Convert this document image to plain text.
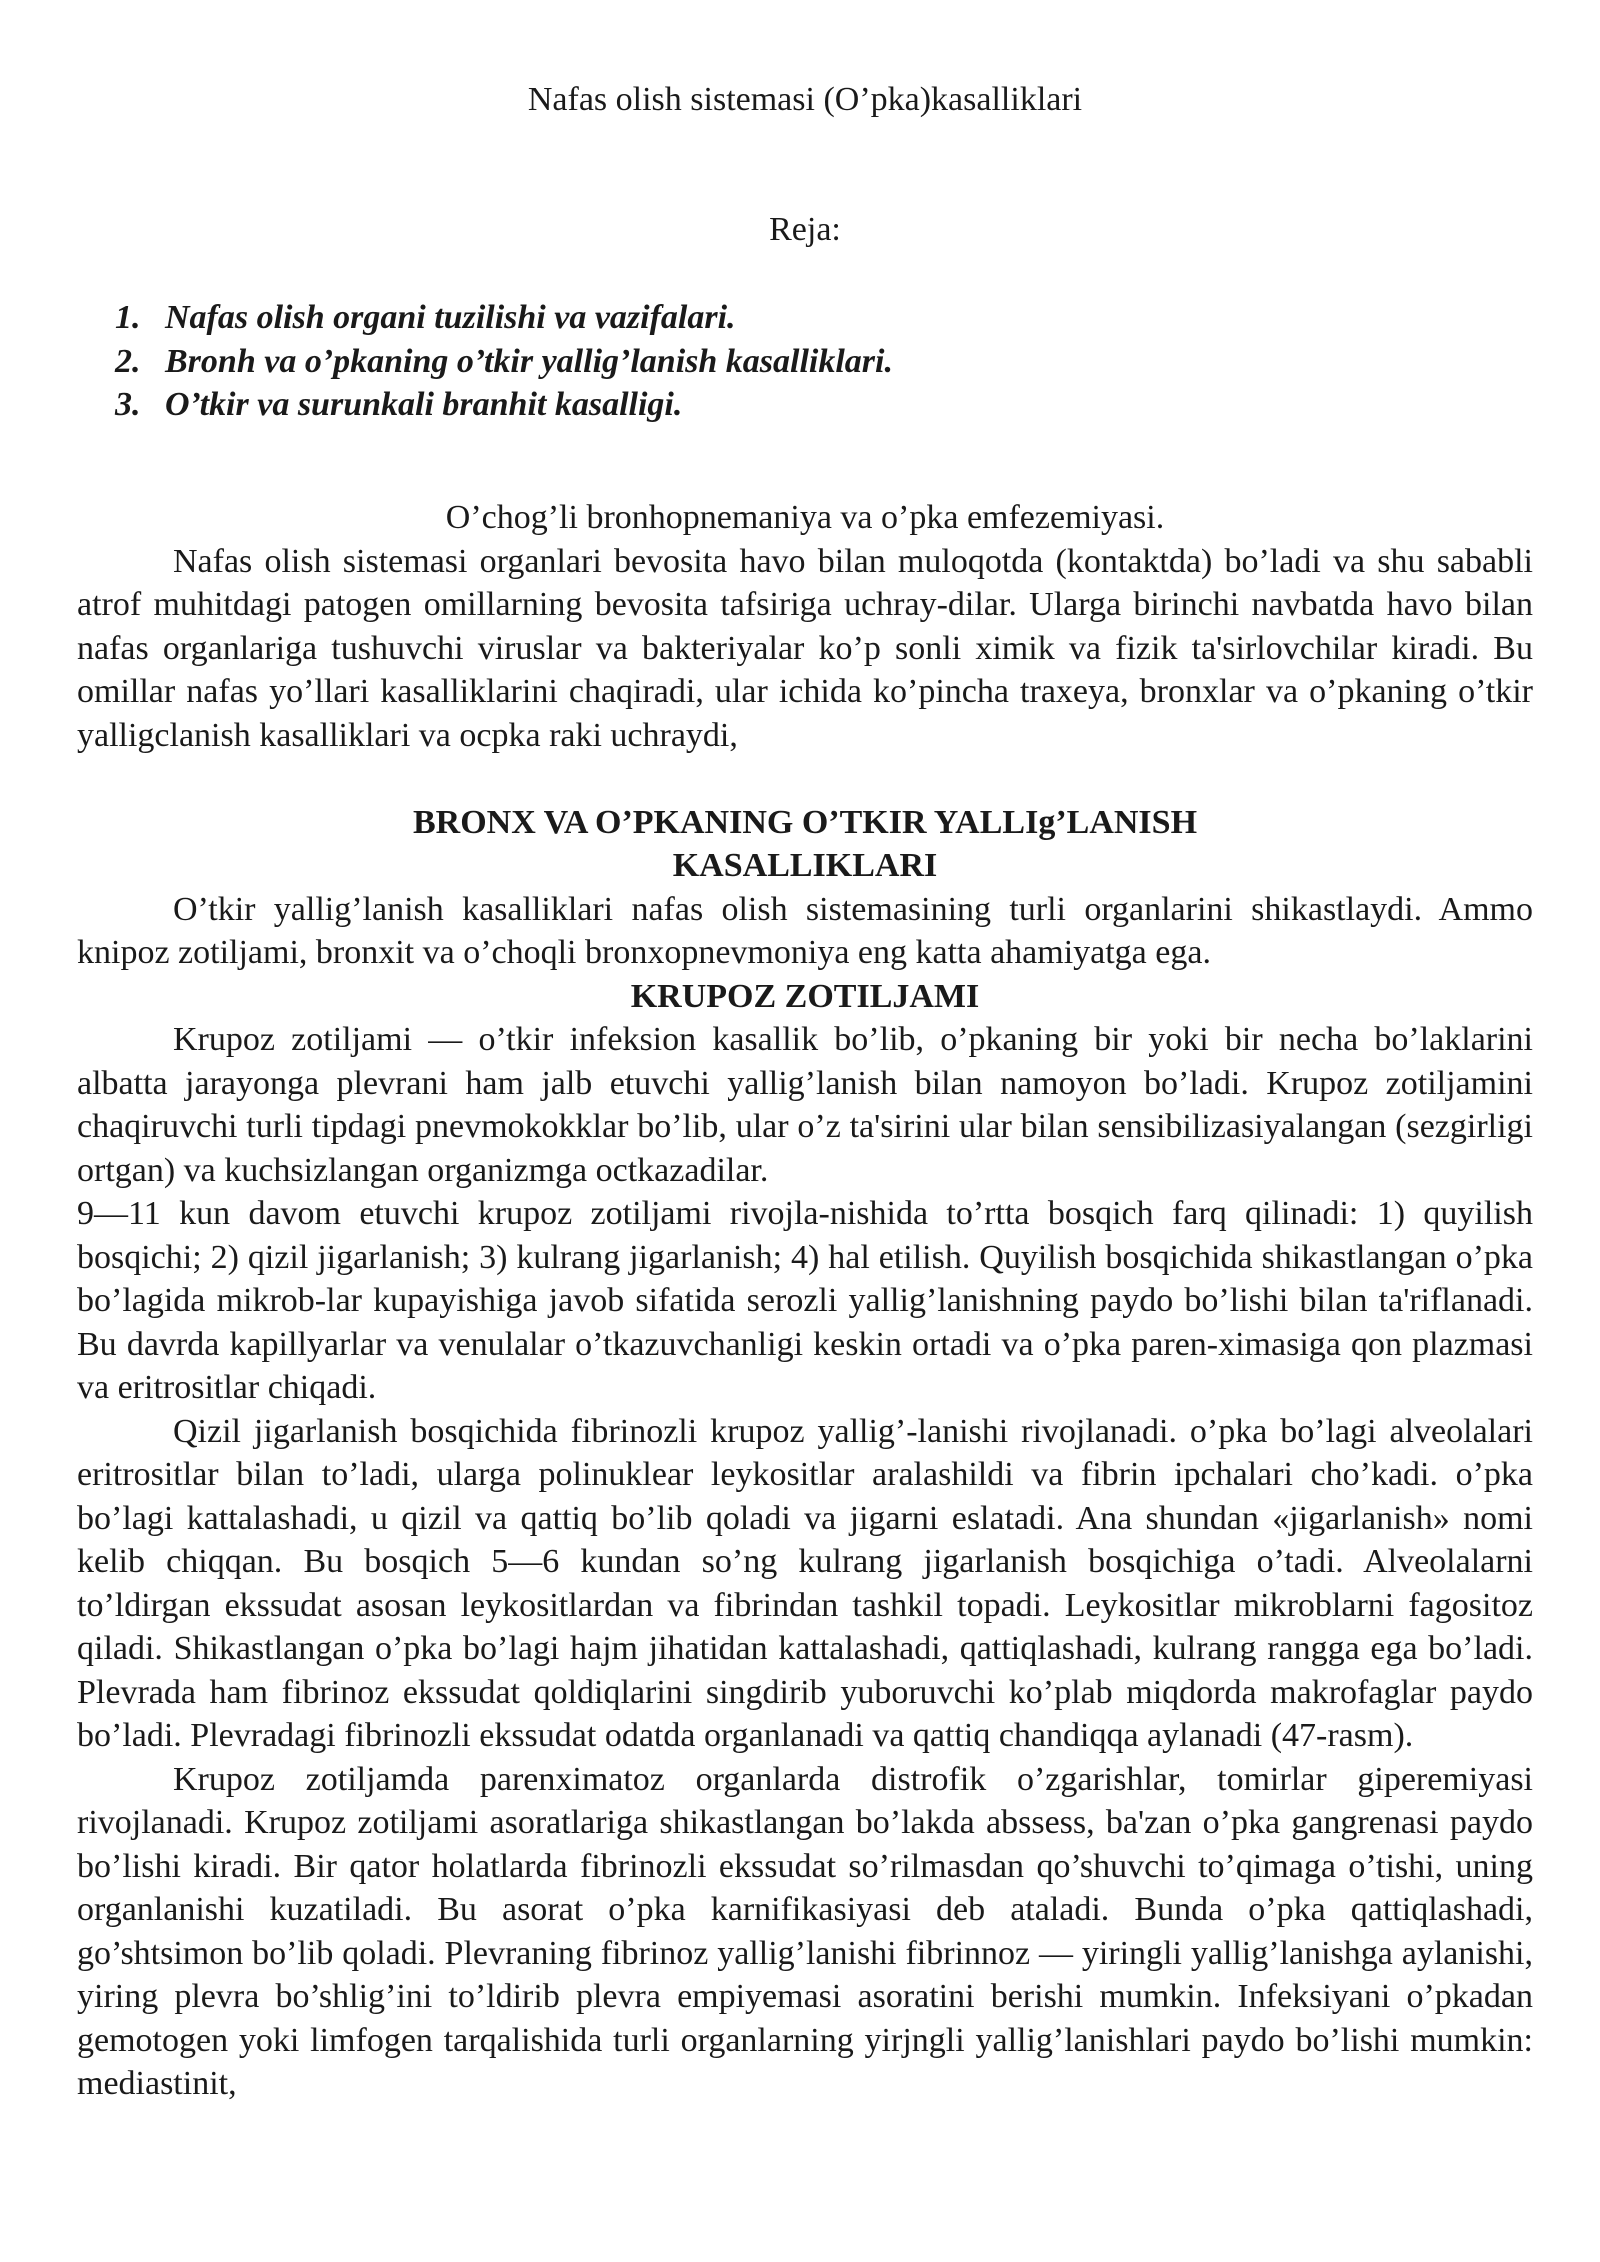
Nafas olish sistemasi (O’pka)kasalliklari
Reja:
1. Nafas olish organi tuzilishi va vazifalari.
2. Bronh va o’pkaning o’tkir yallig’lanish kasalliklari.
3. O’tkir va surunkali branhit kasalligi.
O’chog’li bronhopnemaniya va o’pka emfezemiyasi.

Nafas olish sistemasi organlari bevosita havo bilan muloqotda (kontaktda) bo’ladi va shu sababli atrof muhitdagi patogen omillarning bevosita tafsiriga uchray-dilar. Ularga birinchi navbatda havo bilan nafas organlariga tushuvchi viruslar va bakteriyalar ko’p sonli ximik va fizik ta'sirlovchilar kiradi. Bu omillar nafas yo’llari kasalliklarini chaqiradi, ular ichida ko’pincha traxeya, bronxlar va o’pkaning o’tkir yalligclanish kasalliklari va ocpka raki uchraydi,

BRONX VA O’PKANING O’TKIR YALLIg’LANISH
KASALLIKLARI

O’tkir yallig’lanish kasalliklari nafas olish sistemasining turli organlarini shikastlaydi. Ammo knipoz zotiljami, bronxit va o’choqli bronxopnevmoniya eng katta ahamiyatga ega.

KRUPOZ ZOTILJAMI

Krupoz zotiljami — o’tkir infeksion kasallik bo’lib, o’pkaning bir yoki bir necha bo’laklarini albatta jarayonga plevrani ham jalb etuvchi yallig’lanish bilan namoyon bo’ladi. Krupoz zotiljamini chaqiruvchi turli tipdagi pnevmokokklar bo’lib, ular o’z ta'sirini ular bilan sensibilizasiyalangan (sezgirligi ortgan) va kuchsizlangan organizmga octkazadilar.

9—11 kun davom etuvchi krupoz zotiljami rivojla-nishida to’rtta bosqich farq qilinadi: 1) quyilish bosqichi; 2) qizil jigarlanish; 3) kulrang jigarlanish; 4) hal etilish. Quyilish bosqichida shikastlangan o’pka bo’lagida mikrob-lar kupayishiga javob sifatida serozli yallig’lanishning paydo bo’lishi bilan ta'riflanadi. Bu davrda kapillyarlar va venulalar o’tkazuvchanligi keskin ortadi va o’pka paren-ximasiga qon plazmasi va eritrositlar chiqadi.

Qizil jigarlanish bosqichida fibrinozli krupoz yallig’-lanishi rivojlanadi. o’pka bo’lagi alveolalari eritrositlar bilan to’ladi, ularga polinuklear leykositlar aralashildi va fibrin ipchalari cho’kadi. o’pka bo’lagi kattalashadi, u qizil va qattiq bo’lib qoladi va jigarni eslatadi. Ana shundan «jigarlanish» nomi kelib chiqqan. Bu bosqich 5—6 kundan so’ng kulrang jigarlanish bosqichiga o’tadi. Alveolalarni to’ldirgan ekssudat asosan leykositlardan va fibrindan tashkil topadi. Leykositlar mikroblarni fagositoz qiladi. Shikastlangan o’pka bo’lagi hajm jihatidan kattalashadi, qattiqlashadi, kulrang rangga ega bo’ladi. Plevrada ham fibrinoz ekssudat qoldiqlarini singdirib yuboruvchi ko’plab miqdorda makrofaglar paydo bo’ladi. Plevradagi fibrinozli ekssudat odatda organlanadi va qattiq chandiqqa aylanadi (47-rasm).

Krupoz zotiljamda parenximatoz organlarda distrofik o’zgarishlar, tomirlar giperemiyasi rivojlanadi. Krupoz zotiljami asoratlariga shikastlangan bo’lakda abssess, ba'zan o’pka gangrenasi paydo bo’lishi kiradi. Bir qator holatlarda fibrinozli ekssudat so’rilmasdan qo’shuvchi to’qimaga o’tishi, uning organlanishi kuzatiladi. Bu asorat o’pka karnifikasiyasi deb ataladi. Bunda o’pka qattiqlashadi, go’shtsimon bo’lib qoladi. Plevraning fibrinoz yallig’lanishi fibrinnoz — yiringli yallig’lanishga aylanishi, yiring plevra bo’shlig’ini to’ldirib plevra empiyemasi asoratini berishi mumkin. Infeksiyani o’pkadan gemotogen yoki limfogen tarqalishida turli organlarning yirjngli yallig’lanishlari paydo bo’lishi mumkin: mediastinit,
